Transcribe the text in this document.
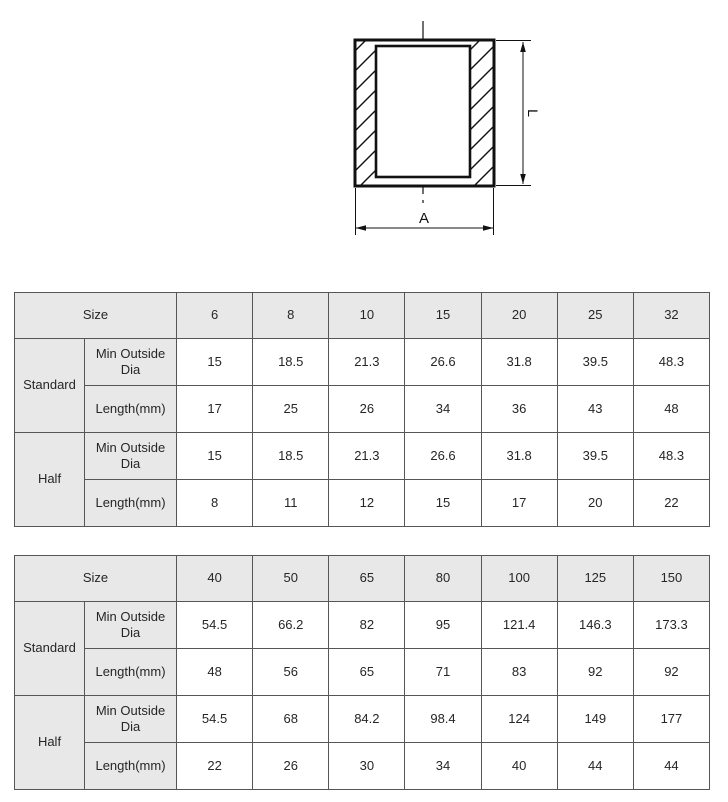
A
L
Size		6	8	10	15	20	25	32
Standard	Min Outside Dia	15	18.5	21.3	26.6	31.8	39.5	48.3
	Length(mm)	17	25	26	34	36	43	48
Half	Min Outside Dia	15	18.5	21.3	26.6	31.8	39.5	48.3
	Length(mm)	8	11	12	15	17	20	22
Size		40	50	65	80	100	125	150
Standard	Min Outside Dia	54.5	66.2	82	95	121.4	146.3	173.3
	Length(mm)	48	56	65	71	83	92	92
Half	Min Outside Dia	54.5	68	84.2	98.4	124	149	177
	Length(mm)	22	26	30	34	40	44	44
